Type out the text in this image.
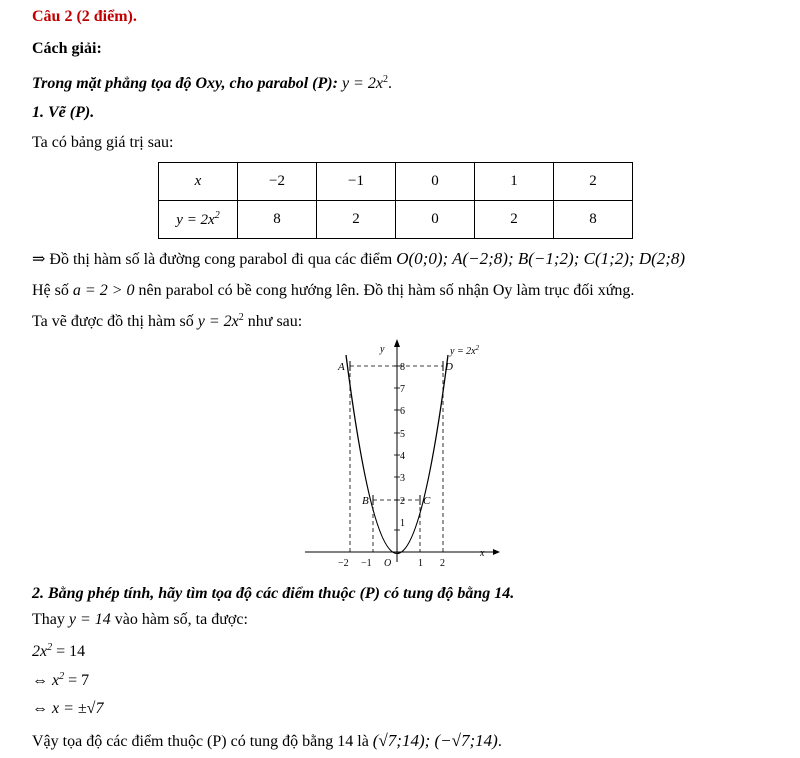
Câu 2 (2 điểm).
Cách giải:
Trong mặt phẳng tọa độ Oxy, cho parabol (P): $y = 2x^2$.
1. Vẽ (P).
Ta có bảng giá trị sau:
x	−2	−1	0	1	2
$y = 2x^2$	8	2	0	2	8
⇒ Đồ thị hàm số là đường cong parabol đi qua các điểm O(0;0); A(−2;8); B(−1;2); C(1;2); D(2;8)
Hệ số a = 2 > 0 nên parabol có bề cong hướng lên. Đồ thị hàm số nhận Oy làm trục đối xứng.
Ta vẽ được đồ thị hàm số $y = 2x^2$ như sau:
x
y
A
B	C
D
$y = 2x^2$
1
2
3
4
5
6
7
8
−2 −1	1 2
O
2. Bằng phép tính, hãy tìm tọa độ các điểm thuộc (P) có tung độ bằng 14.
Thay y = 14 vào hàm số, ta được:
$2x^2 = 14$
⇔ $x^2 = 7$
⇔ x = ±√7
Vậy tọa độ các điểm thuộc (P) có tung độ bằng 14 là (√7;14); (−√7;14).
